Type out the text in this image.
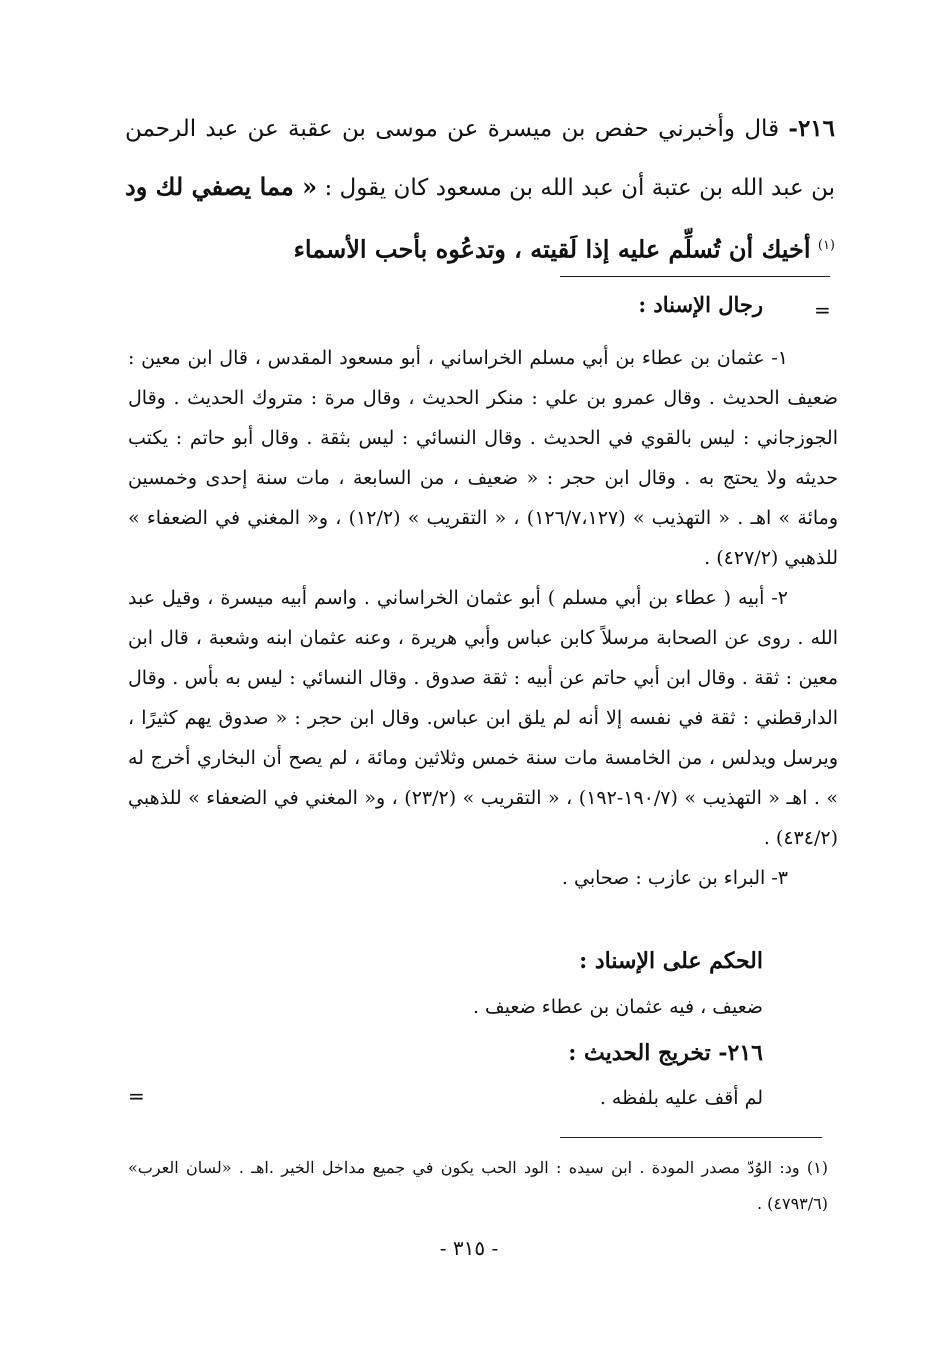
٢١٦- قال وأخبرني حفص بن ميسرة عن موسى بن عقبة عن عبد الرحمن بن عبد الله بن عتبة أن عبد الله بن مسعود كان يقول : « مما يصفي لك ود $^{(١)}$ أخيك أن تُسلِّم عليه إذا لَقيته ، وتدعُوه بأحب الأسماء
=
رجال الإسناد :

١- عثمان بن عطاء بن أبي مسلم الخراساني ، أبو مسعود المقدس ، قال ابن معين : ضعيف الحديث . وقال عمرو بن علي : منكر الحديث ، وقال مرة : متروك الحديث . وقال الجوزجاني : ليس بالقوي في الحديث . وقال النسائي : ليس بثقة . وقال أبو حاتم : يكتب حديثه ولا يحتج به . وقال ابن حجر : « ضعيف ، من السابعة ، مات سنة إحدى وخمسين ومائة » اهـ . « التهذيب » (١٢٦/٧،١٢٧) ، « التقريب » (١٢/٢) ، و« المغني في الضعفاء » للذهبي (٤٢٧/٢) .

٢- أبيه ( عطاء بن أبي مسلم ) أبو عثمان الخراساني . واسم أبيه ميسرة ، وقيل عبد الله . روى عن الصحابة مرسلاً كابن عباس وأبي هريرة ، وعنه عثمان ابنه وشعبة ، قال ابن معين : ثقة . وقال ابن أبي حاتم عن أبيه : ثقة صدوق . وقال النسائي : ليس به بأس . وقال الدارقطني : ثقة في نفسه إلا أنه لم يلق ابن عباس. وقال ابن حجر : « صدوق يهم كثيرًا ، ويرسل ويدلس ، من الخامسة مات سنة خمس وثلاثين ومائة ، لم يصح أن البخاري أخرج له » . اهـ « التهذيب » (١٩٠/٧-١٩٢) ، « التقريب » (٢٣/٢) ، و« المغني في الضعفاء » للذهبي (٤٣٤/٢) .

٣- البراء بن عازب : صحابي .

الحكم على الإسناد :
ضعيف ، فيه عثمان بن عطاء ضعيف .
٢١٦- تخريج الحديث :
لم أقف عليه بلفظه .
=
(١) ود: الوُدّ مصدر المودة . ابن سيده : الود الحب يكون في جميع مداخل الخير .اهـ . «لسان العرب» (٤٧٩٣/٦) .
- ٣١٥ -
